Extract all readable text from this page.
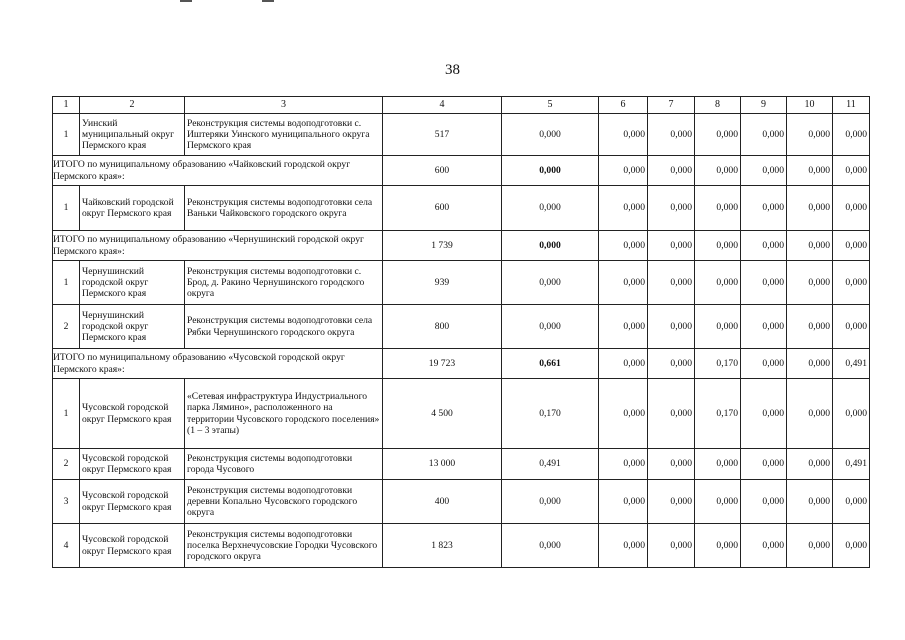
38
1	2	3	4	5	6	7	8	9	10	11
1	Уинский муниципальный округ Пермского края	Реконструкция системы водоподготовки с. Иштеряки Уинского муниципального округа Пермского края	517	0,000	0,000	0,000	0,000	0,000	0,000	0,000
ИТОГО по муниципальному образованию «Чайковский городской округ Пермского края»:			600	0,000	0,000	0,000	0,000	0,000	0,000	0,000
1	Чайковский городской округ Пермского края	Реконструкция системы водоподготовки села Ваньки Чайковского городского округа	600	0,000	0,000	0,000	0,000	0,000	0,000	0,000
ИТОГО по муниципальному образованию «Чернушинский городской округ Пермского края»:			1 739	0,000	0,000	0,000	0,000	0,000	0,000	0,000
1	Чернушинский городской округ Пермского края	Реконструкция системы водоподготовки с. Брод, д. Ракино Чернушинского городского округа	939	0,000	0,000	0,000	0,000	0,000	0,000	0,000
2	Чернушинский городской округ Пермского края	Реконструкция системы водоподготовки села Рябки Чернушинского городского округа	800	0,000	0,000	0,000	0,000	0,000	0,000	0,000
ИТОГО по муниципальному образованию «Чусовской городской округ Пермского края»:			19 723	0,661	0,000	0,000	0,170	0,000	0,000	0,491
1	Чусовской городской округ Пермского края	«Сетевая инфраструктура Индустриального парка Лямино», расположенного на территории Чусовского городского поселения» (1 – 3 этапы)	4 500	0,170	0,000	0,000	0,170	0,000	0,000	0,000
2	Чусовской городской округ Пермского края	Реконструкция системы водоподготовки города Чусового	13 000	0,491	0,000	0,000	0,000	0,000	0,000	0,491
3	Чусовской городской округ Пермского края	Реконструкция системы водоподготовки деревни Копально Чусовского городского округа	400	0,000	0,000	0,000	0,000	0,000	0,000	0,000
4	Чусовской городской округ Пермского края	Реконструкция системы водоподготовки поселка Верхнечусовские Городки Чусовского городского округа	1 823	0,000	0,000	0,000	0,000	0,000	0,000	0,000
